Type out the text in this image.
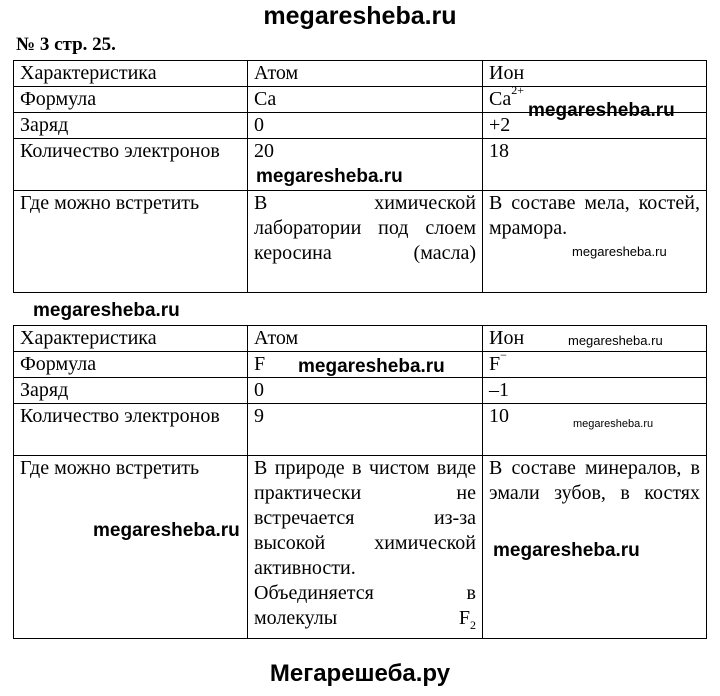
megaresheba.ru
№ 3 стр. 25.
Характеристика	Атом	Ион
Формула	Ca	$Ca^{2+}$
Заряд	0	+2
Количество электронов	20	18
Где можно встретить	В химической лаборатории под слоем керосина (масла)	В составе мела, костей, мрамора.
Характеристика	Атом	Ион
Формула	F	F−
Заряд	0	–1
Количество электронов	9	10
Где можно встретить	В природе в чистом виде практически не встречается из-за высокой химической активности. Объединяется в молекулы $F_2$	В составе минералов, в эмали зубов, в костях
megaresheba.ru
megaresheba.ru
megaresheba.ru
megaresheba.ru
megaresheba.ru
megaresheba.ru
megaresheba.ru
megaresheba.ru
megaresheba.ru
Мегарешеба.ру
